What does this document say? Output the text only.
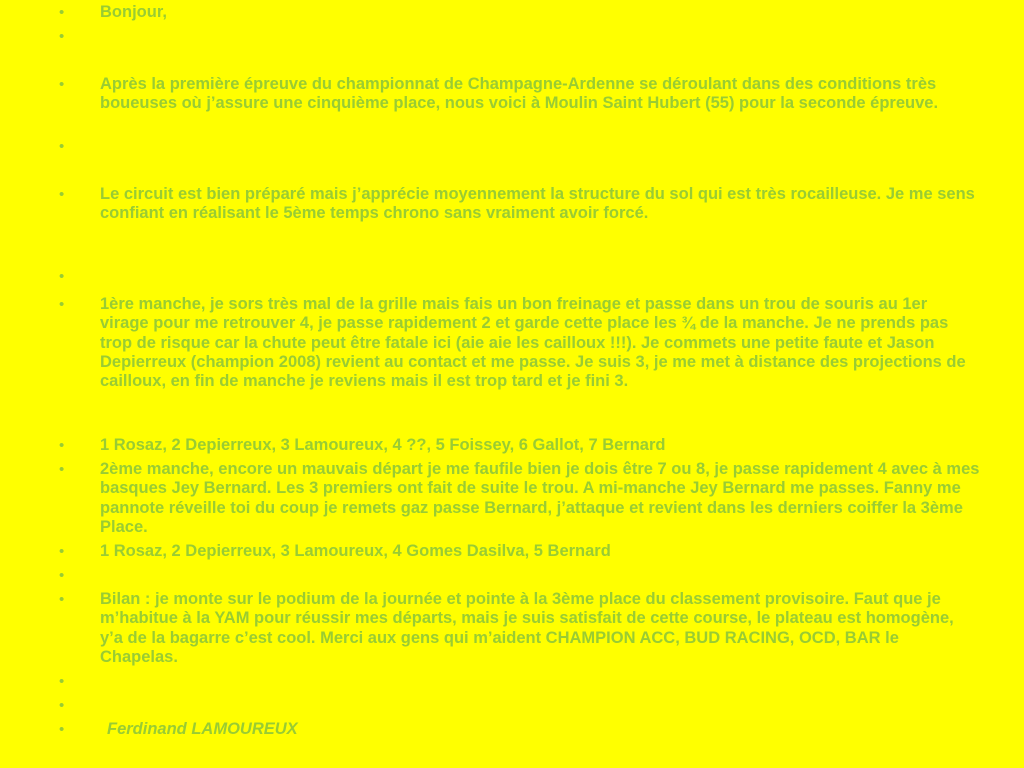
• Bonjour,
•
• Après la première épreuve du championnat de Champagne-Ardenne se déroulant dans des conditions très boueuses où j’assure une cinquième place, nous voici à Moulin Saint Hubert (55) pour la seconde épreuve.
•
• Le circuit est bien préparé mais j’apprécie moyennement la structure du sol qui est très rocailleuse. Je me sens confiant en réalisant le 5ème temps chrono sans vraiment avoir forcé.
•
• 1ère manche, je sors très mal de la grille mais fais un bon freinage et passe dans un trou de souris au 1er virage pour me retrouver 4, je passe rapidement 2 et garde cette place les ¾ de la manche. Je ne prends pas trop de risque car la chute peut être fatale ici (aie aie les cailloux !!!). Je commets une petite faute et Jason Depierreux (champion 2008) revient au contact et me passe. Je suis 3, je me met à distance des projections de cailloux, en fin de manche je reviens mais il est trop tard et je fini 3.
• 1 Rosaz, 2 Depierreux, 3 Lamoureux, 4 ??, 5 Foissey, 6 Gallot, 7 Bernard
• 2ème manche, encore un mauvais départ je me faufile bien je dois être 7 ou 8, je passe rapidement 4 avec à mes basques Jey Bernard. Les 3 premiers ont fait de suite le trou. A mi-manche Jey Bernard me passes. Fanny me pannote réveille toi du coup je remets gaz passe Bernard, j’attaque et revient dans les derniers coiffer la 3ème Place.
• 1 Rosaz, 2 Depierreux, 3 Lamoureux, 4 Gomes Dasilva, 5 Bernard
•
• Bilan : je monte sur le podium de la journée et pointe à la 3ème place du classement provisoire. Faut que je m’habitue à la YAM pour réussir mes départs, mais je suis satisfait de cette course, le plateau est homogène, y’a de la bagarre c’est cool. Merci aux gens qui m’aident CHAMPION ACC, BUD RACING, OCD, BAR le Chapelas.
•
•
•	Ferdinand LAMOUREUX
